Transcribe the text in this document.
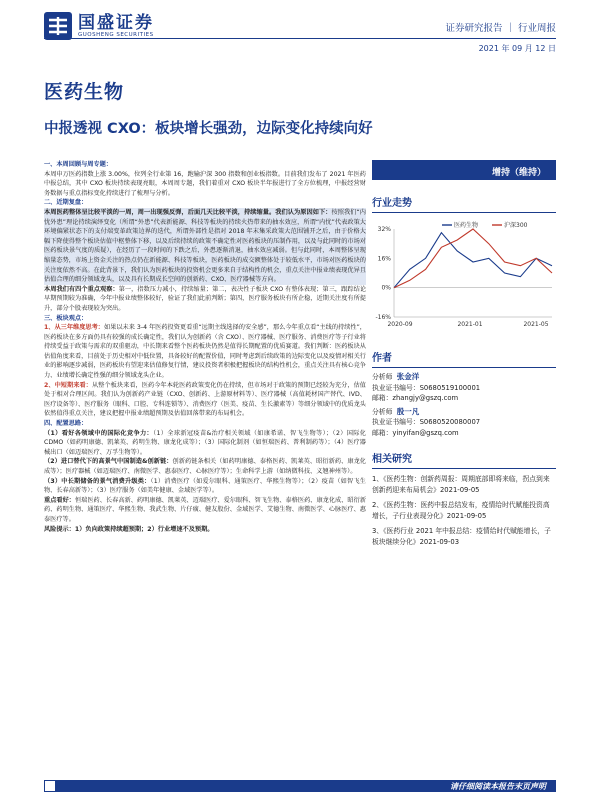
国盛证券
GUOSHENG SECURITIES
证券研究报告 ｜ 行业周报
2021 年 09 月 12 日
医药生物
中报透视 CXO：板块增长强劲，边际变化持续向好

一、本周回顾与周专题：

本周申万医药指数上涨 3.00%，位列全行业第 16，跑输沪深 300 指数和创业板指数。目前我们发布了 2021 年医药中报总结，其中 CXO 板块持续表现亮眼，本周周专题，我们着重对 CXO 板块半年报进行了全方位梳理，中报经营财务数据与重点指标变化持续进行了梳理与分析。

二、近期复盘：

本周医药整体呈比较平淡的一周，周一出现强反弹，后面几天比较平淡，持续缩量。我们认为原因如下：按照我们“内忧外患”理论持续演绎变化（所谓“外患”代表新能源、科技等板块的持续火热带来的抽水效应，所谓“内忧”代表政策大环境偏紧状态下的支付端变革政策边界的迭代，所谓外部性是指对 2018 年末集采政策大范围铺开之后，由于价格大幅下降使得整个板块估值中枢整体下移，以及后续持续的政策不确定性对医药板块的压制作用，以及与此同时的市场对医药板块景气度的质疑），在经历了一段时间的下跌之后，外患逐渐消退，抽水效应减弱。但与此同时，本周整体呈现缩量态势，市场上资金关注的热点仍在新能源、科技等板块，医药板块的成交额整体处于较低水平，市场对医药板块的关注度依然不高。在此背景下，我们认为医药板块的投资机会更多来自于结构性的机会，重点关注中报业绩表现优异且估值合理的细分领域龙头，以及具有长期成长空间的创新药、CXO、医疗器械等方向。

本周我们有四个重点观察：第一，指数压力减小，持续缩量；第二，表决性子板块 CXO 有整体表现；第三，跟踪结论早期预期较为准确，今年中报业绩整体较好，验证了我们此前判断；第四，医疗服务板块有所企稳，近期关注度有所提升，部分个股表现较为突出。

三、板块观点：

1、从三年维度思考：如果以未来 3-4 年医药投资更看重“远期主线选择的安全感”，那么今年重点看“主线的持续性”，医药板块在多方面仍具有较强的成长确定性，我们认为创新药（含 CXO）、医疗器械、医疗服务、消费医疗等子行业将持续受益于政策与需求的双重驱动，中长期来看整个医药板块仍然是值得长期配置的优质赛道。我们判断：医药板块从估值角度来看，目前处于历史相对中低位置，具备较好的配置价值，同时考虑到后续政策的边际变化以及疫情对相关行业的影响逐步减弱，医药板块有望迎来估值修复行情，建议投资者积极把握板块的结构性机会，重点关注具有核心竞争力、业绩增长确定性强的细分领域龙头企业。

2、中短期来看：从整个板块来看，医药今年本轮医药政策变化仍在持续，但市场对于政策的预期已经较为充分，估值处于相对合理区间。我们认为创新药产业链（CXO、创新药、上游原材料等）、医疗器械（高值耗材国产替代、IVD、医疗设备等）、医疗服务（眼科、口腔、专科连锁等）、消费医疗（医美、疫苗、生长激素等）等细分领域中的优质龙头依然值得重点关注，建议把握中报业绩超预期及估值回落带来的布局机会。

四、配置思路：

（1）看好各领域中的国际化竞争力：（1）全球新冠疫苗&治疗相关领域（如康希诺、智飞生物等）；（2）国际化CDMO（如药明康德、凯莱英、药明生物、康龙化成等）；（3）国际化制剂（如恒瑞医药、普利制药等）；（4）医疗器械出口（如迈瑞医疗、万孚生物等）。

（2）进口替代下的高景气中国制造&创新链：创新药链条相关（如药明康德、泰格医药、凯莱英、昭衍新药、康龙化成等）；医疗器械（如迈瑞医疗、南微医学、惠泰医疗、心脉医疗等）；生命科学上游（如纳微科技、义翘神州等）。

（3）中长期储备的景气消费升级类：（1）消费医疗（如爱尔眼科、通策医疗、华熙生物等）；（2）疫苗（如智飞生物、长春高新等）；（3）医疗服务（如美年健康、金域医学等）。

重点看好：恒瑞医药、长春高新、药明康德、凯莱英、迈瑞医疗、爱尔眼科、智飞生物、泰格医药、康龙化成、昭衍新药、药明生物、通策医疗、华熙生物、我武生物、片仔癀、健友股份、金域医学、艾德生物、南微医学、心脉医疗、惠泰医疗等。

风险提示：1）负向政策持续超预期；2）行业增速不及预期。

增持（维持）
行业走势
32%
16%
0%
-16%
2020-09	2021-01	2021-05
医药生物	沪深300
作者
分析师 张金洋
执业证书编号：S0680519100001
邮箱：zhangjy@gszq.com
分析师 殷一凡
执业证书编号：S0680520080007
邮箱：yinyifan@gszq.com
相关研究
1、《医药生物：创新药周报：周期底部即将来临，拐点到来创新药迎来布局机会》2021-09-05
2、《医药生物：医药中报总结发布，疫情给时代赋能投资高增长，子行业表现分化》2021-09-05
3、《医药行业 2021 年中报总结：疫情给时代赋能增长，子板块继续分化》2021-09-03
请仔细阅读本报告末页声明
